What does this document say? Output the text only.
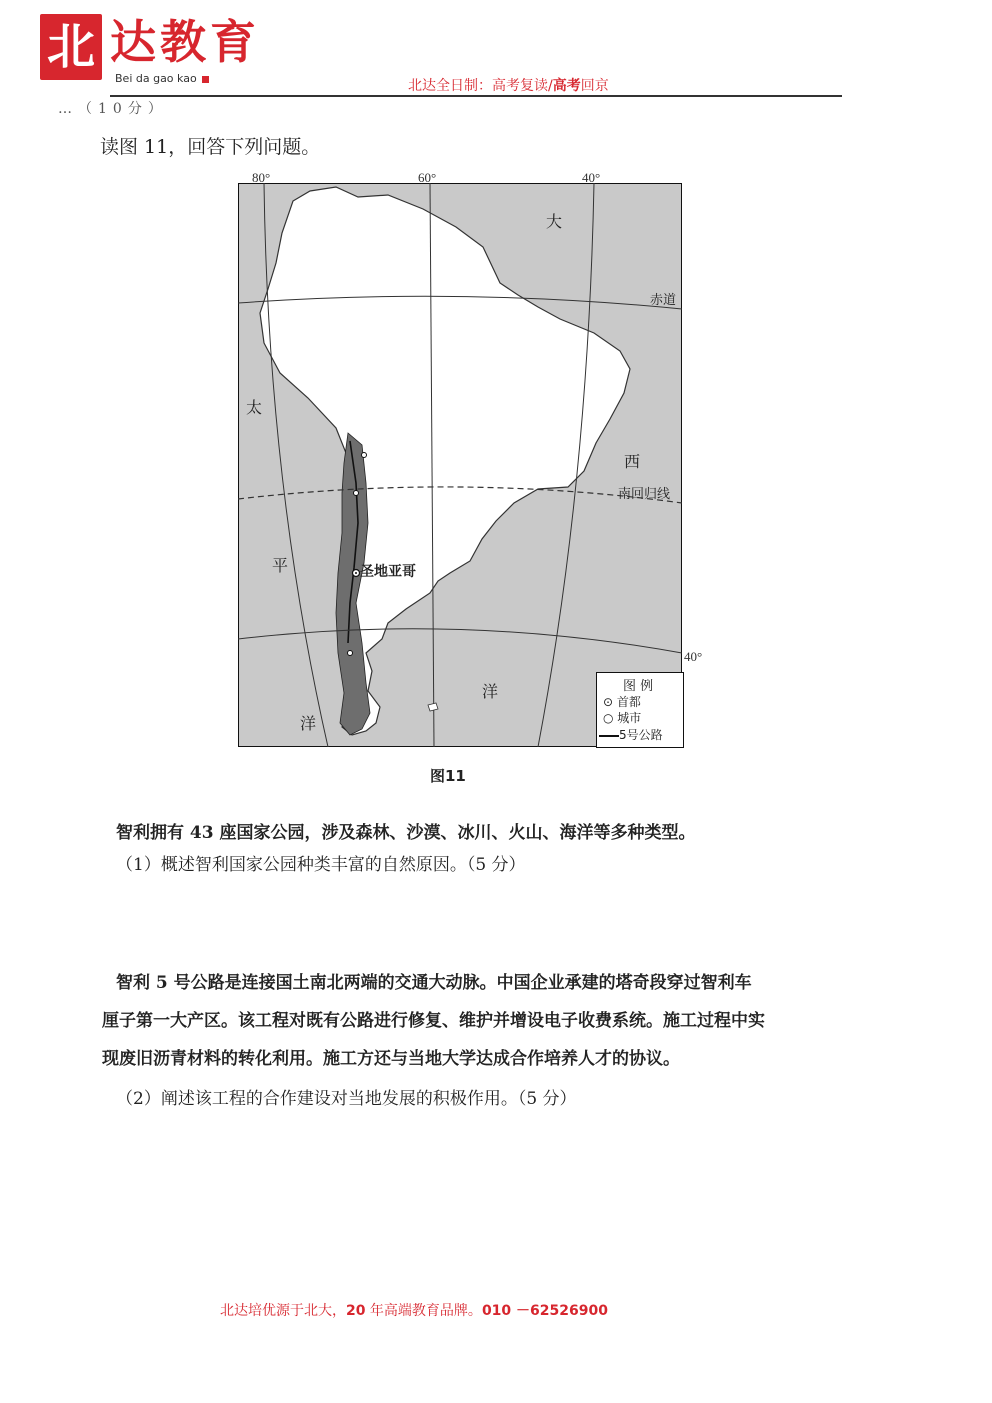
北 达教育
Bei da gao kao	北达全日制：高考复读/高考回京
…（10分）
读图 11，回答下列问题。
80°	60°	40°
40°
赤道
南回归线
圣地亚哥
大
西
洋
太
平
洋
图 例
⊙ 首都
○ 城市
5号公路
图11
智利拥有 43 座国家公园，涉及森林、沙漠、冰川、火山、海洋等多种类型。
（1）概述智利国家公园种类丰富的自然原因。（5 分）
智利 5 号公路是连接国土南北两端的交通大动脉。中国企业承建的塔奇段穿过智利车
厘子第一大产区。该工程对既有公路进行修复、维护并增设电子收费系统。施工过程中实
现废旧沥青材料的转化利用。施工方还与当地大学达成合作培养人才的协议。
（2）阐述该工程的合作建设对当地发展的积极作用。（5 分）
北达培优源于北大，20 年高端教育品牌。010 －62526900
